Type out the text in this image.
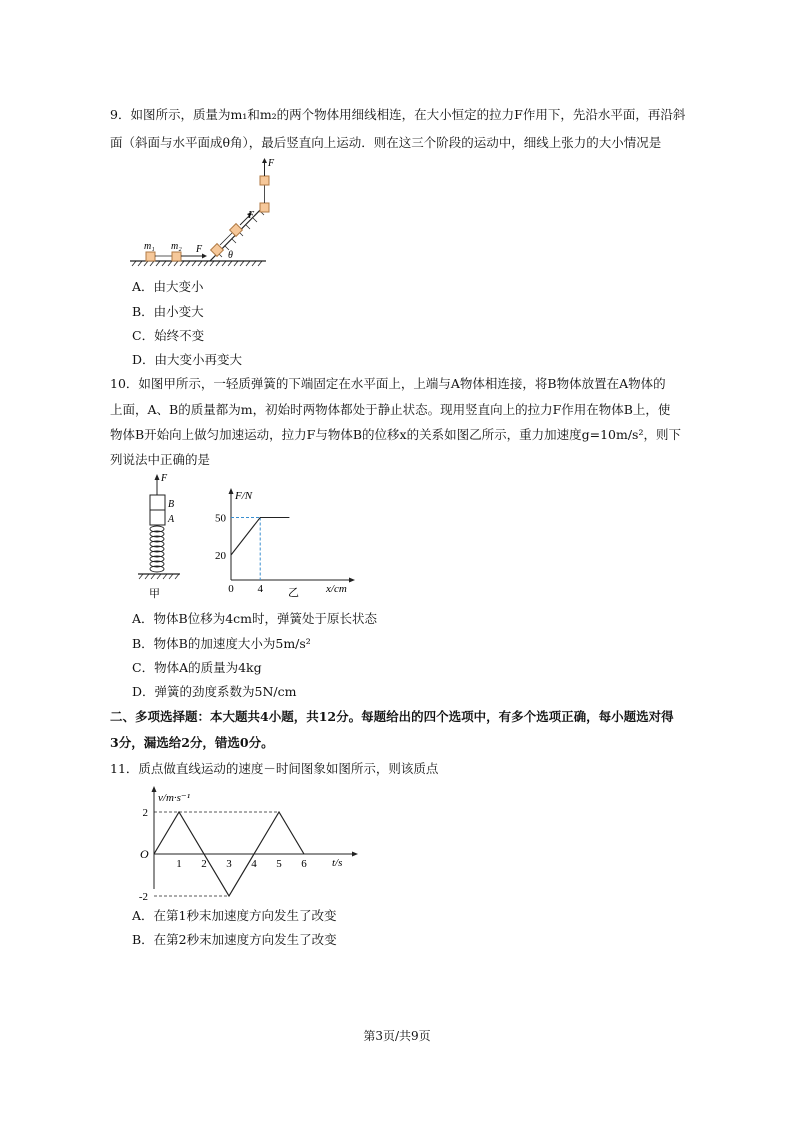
9．如图所示，质量为m₁和m₂的两个物体用细线相连，在大小恒定的拉力F作用下，先沿水平面，再沿斜
面（斜面与水平面成θ角），最后竖直向上运动．则在这三个阶段的运动中，细线上张力的大小情况是
m₁ m₂ F
F
θ
F
A．由大变小
B．由小变大
C．始终不变
D．由大变小再变大
10．如图甲所示，一轻质弹簧的下端固定在水平面上，上端与A物体相连接，将B物体放置在A物体的
上面，A、B的质量都为m，初始时两物体都处于静止状态。现用竖直向上的拉力F作用在物体B上，使
物体B开始向上做匀加速运动，拉力F与物体B的位移x的关系如图乙所示，重力加速度g=10m/s²，则下
列说法中正确的是
F
B
A
甲
F/N
x/cm
50
20
0 4 乙
A．物体B位移为4cm时，弹簧处于原长状态
B．物体B的加速度大小为5m/s²
C．物体A的质量为4kg
D．弹簧的劲度系数为5N/cm
二、多项选择题：本大题共4小题，共12分。每题给出的四个选项中，有多个选项正确，每小题选对得
3分，漏选给2分，错选0分。
11．质点做直线运动的速度－时间图象如图所示，则该质点
v/m·s⁻¹
t/s
O
2
-2
1 2 3 4 5 6
A．在第1秒末加速度方向发生了改变
B．在第2秒末加速度方向发生了改变
第3页/共9页
